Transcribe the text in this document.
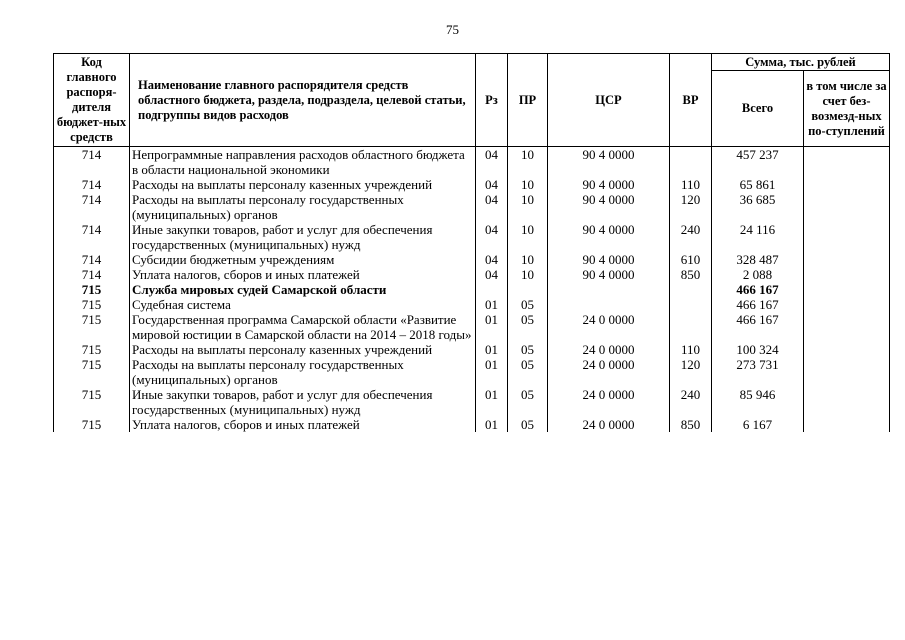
75
Код главного распоря-дителя бюджет-ных средств	Наименование главного распорядителя средств областного бюджета, раздела, подраздела, целевой статьи, подгруппы видов расходов	Рз	ПР	ЦСР	ВР	Сумма, тыс. рублей	
						Всего	в том числе за счет без-возмезд-ных по-ступлений
714	Непрограммные направления расходов областного бюджета в области национальной экономики	04	10	90 4 0000		457 237	
714	Расходы на выплаты персоналу казенных учреждений	04	10	90 4 0000	110	65 861	
714	Расходы на выплаты персоналу государственных (муниципальных) органов	04	10	90 4 0000	120	36 685	
714	Иные закупки товаров, работ и услуг для обеспечения государственных (муниципальных) нужд	04	10	90 4 0000	240	24 116	
714	Субсидии бюджетным учреждениям	04	10	90 4 0000	610	328 487	
714	Уплата налогов, сборов и иных платежей	04	10	90 4 0000	850	2 088	
715	Служба мировых судей Самарской области					466 167	
715	Судебная система	01	05			466 167	
715	Государственная программа Самарской области «Развитие мировой юстиции в Самарской области на 2014 – 2018 годы»	01	05	24 0 0000		466 167	
715	Расходы на выплаты персоналу казенных учреждений	01	05	24 0 0000	110	100 324	
715	Расходы на выплаты персоналу государственных (муниципальных) органов	01	05	24 0 0000	120	273 731	
715	Иные закупки товаров, работ и услуг для обеспечения государственных (муниципальных) нужд	01	05	24 0 0000	240	85 946	
715	Уплата налогов, сборов и иных платежей	01	05	24 0 0000	850	6 167	
